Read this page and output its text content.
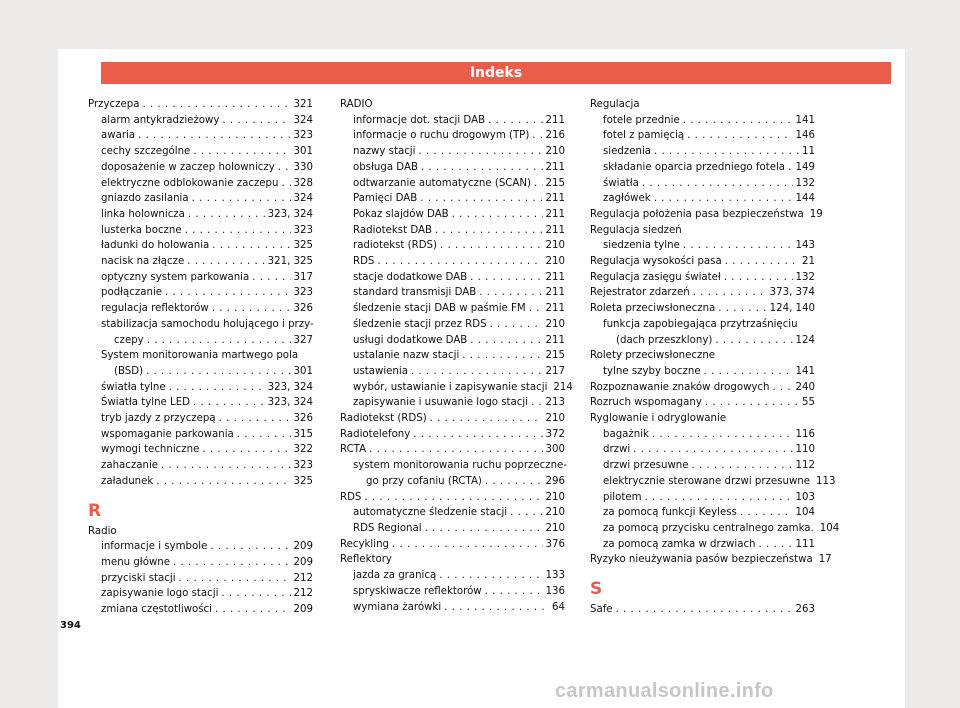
Indeks
Przyczepa . . .	321
alarm antykradzieżowy . . .	324
awaria . . .	323
cechy szczególne . . .	301
doposażenie w zaczep holowniczy . . . 330
elektryczne odblokowanie zaczepu . . . 328
gniazdo zasilania . . .	324
linka holownicza . . .	323, 324
lusterka boczne . . .	323
ładunki do holowania . . .	325
nacisk na złącze . . .	321, 325
optyczny system parkowania . . .	317
podłączanie . . .	323
regulacja reflektorów . . .	326
stabilizacja samochodu holującego i przy-
czepy . . .	327
System monitorowania martwego pola
(BSD) . . .	301
światła tylne . . .	323, 324
Światła tylne LED . . .	323, 324
tryb jazdy z przyczepą . . .	326
wspomaganie parkowania . . .	315
wymogi techniczne . . .	322
zahaczanie . . .	323
załadunek . . .	325
R
Radio
informacje i symbole . . .	209
menu główne . . .	209
przyciski stacji . . .	212
zapisywanie logo stacji . . .	212
zmiana częstotliwości . . .	209
RADIO
informacje dot. stacji DAB . . .	211
informacje o ruchu drogowym (TP) . . . 216
nazwy stacji . . .	210
obsługa DAB . . .	211
odtwarzanie automatyczne (SCAN) . . . 215
Pamięci DAB . . .	211
Pokaz slajdów DAB . . .	211
Radiotekst DAB . . .	211
radiotekst (RDS) . . .	210
RDS . . .	210
stacje dodatkowe DAB . . .	211
standard transmisji DAB . . .	211
śledzenie stacji DAB w paśmie FM . . . 211
śledzenie stacji przez RDS . . .	210
usługi dodatkowe DAB . . .	211
ustalanie nazw stacji . . .	215
ustawienia . . .	217
wybór, ustawianie i zapisywanie stacji 214
zapisywanie i usuwanie logo stacji . . . 213
Radiotekst (RDS) . . .	210
Radiotelefony . . .	372
RCTA . . .	300
system monitorowania ruchu poprzeczne-
go przy cofaniu (RCTA) . . .	296
RDS . . .	210
automatyczne śledzenie stacji . . .	210
RDS Regional . . .	210
Recykling . . .	376
Reflektory
jazda za granicą . . .	133
spryskiwacze reflektorów . . .	136
wymiana żarówki . . .	64
Regulacja
fotele przednie . . .	141
fotel z pamięcią . . .	146
siedzenia . . .	11
składanie oparcia przedniego fotela . . . 149
światła . . .	132
zagłówek . . .	144
Regulacja położenia pasa bezpieczeństwa 19
Regulacja siedzeń
siedzenia tylne . . .	143
Regulacja wysokości pasa . . .	21
Regulacja zasięgu świateł . . .	132
Rejestrator zdarzeń . . .	373, 374
Roleta przeciwsłoneczna . . .	124, 140
funkcja zapobiegająca przytrzaśnięciu
(dach przeszklony) . . .	124
Rolety przeciwsłoneczne
tylne szyby boczne . . .	141
Rozpoznawanie znaków drogowych . . .	240
Rozruch wspomagany . . .	55
Ryglowanie i odryglowanie
bagażnik . . .	116
drzwi . . .	110
drzwi przesuwne . . .	112
elektrycznie sterowane drzwi przesuwne 113
pilotem . . .	103
za pomocą funkcji Keyless . . .	104
za pomocą przycisku centralnego zamka. 104
za pomocą zamka w drzwiach . . .	111
Ryzyko nieużywania pasów bezpieczeństwa 17
S
Safe . . .	263
394
carmanualsonline.info
